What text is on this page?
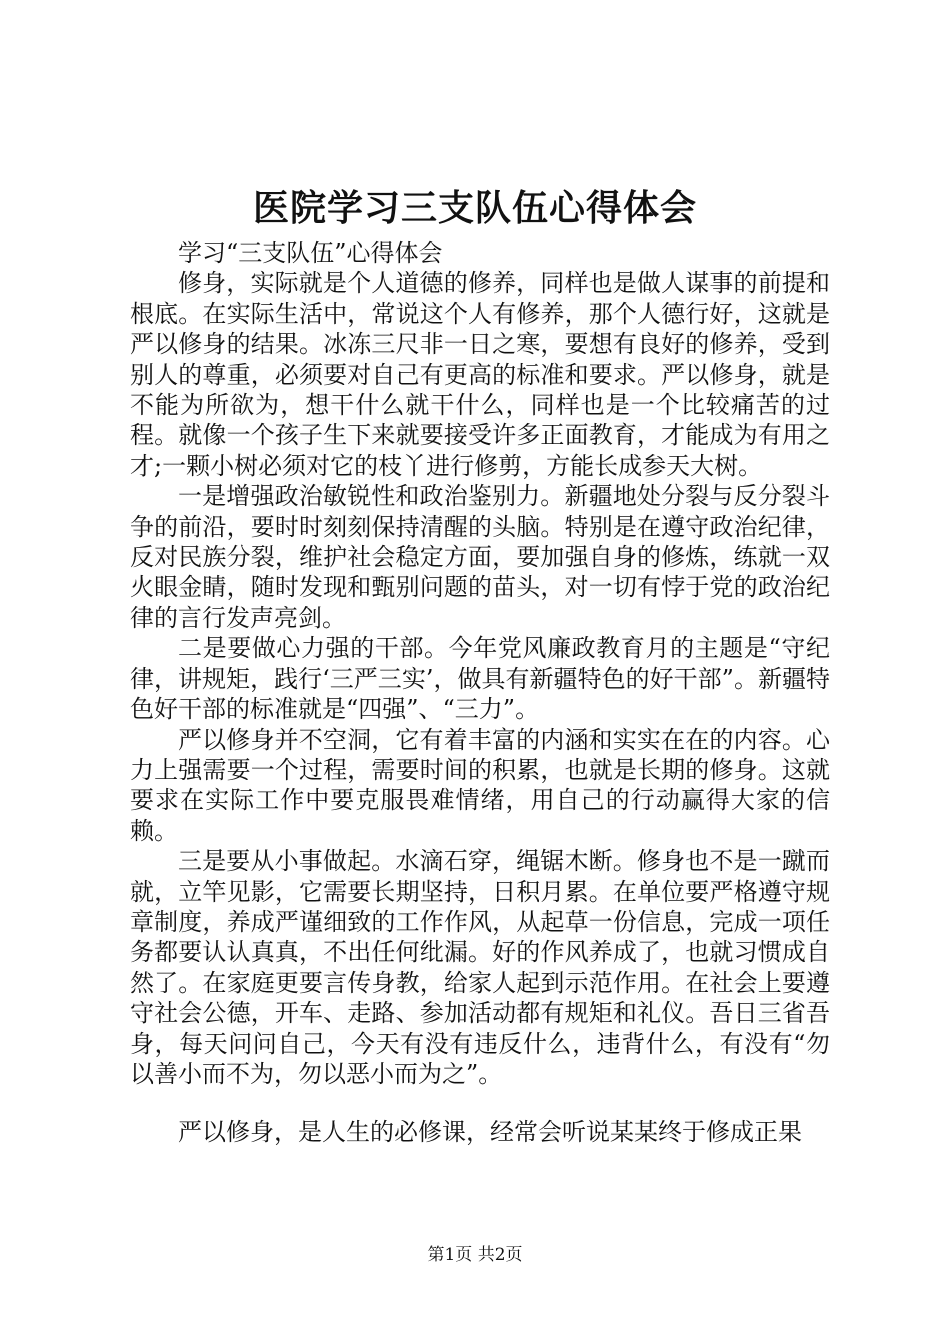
医院学习三支队伍心得体会

学习“三支队伍”心得体会

修身，实际就是个人道德的修养，同样也是做人谋事的前提和根底。在实际生活中，常说这个人有修养，那个人德行好，这就是严以修身的结果。冰冻三尺非一日之寒，要想有良好的修养，受到别人的尊重，必须要对自己有更高的标准和要求。严以修身，就是不能为所欲为，想干什么就干什么，同样也是一个比较痛苦的过程。就像一个孩子生下来就要接受许多正面教育，才能成为有用之才;一颗小树必须对它的枝丫进行修剪，方能长成参天大树。

一是增强政治敏锐性和政治鉴别力。新疆地处分裂与反分裂斗争的前沿，要时时刻刻保持清醒的头脑。特别是在遵守政治纪律，反对民族分裂，维护社会稳定方面，要加强自身的修炼，练就一双火眼金睛，随时发现和甄别问题的苗头，对一切有悖于党的政治纪律的言行发声亮剑。

二是要做心力强的干部。今年党风廉政教育月的主题是“守纪律，讲规矩，践行‘三严三实’，做具有新疆特色的好干部”。新疆特色好干部的标准就是“四强”、“三力”。

严以修身并不空洞，它有着丰富的内涵和实实在在的内容。心力上强需要一个过程，需要时间的积累，也就是长期的修身。这就要求在实际工作中要克服畏难情绪，用自己的行动赢得大家的信赖。

三是要从小事做起。水滴石穿，绳锯木断。修身也不是一蹴而就，立竿见影，它需要长期坚持，日积月累。在单位要严格遵守规章制度，养成严谨细致的工作作风，从起草一份信息，完成一项任务都要认认真真，不出任何纰漏。好的作风养成了，也就习惯成自然了。在家庭更要言传身教，给家人起到示范作用。在社会上要遵守社会公德，开车、走路、参加活动都有规矩和礼仪。吾日三省吾身，每天问问自己，今天有没有违反什么，违背什么，有没有“勿以善小而不为，勿以恶小而为之”。

严以修身，是人生的必修课，经常会听说某某终于修成正果

第1页 共2页
